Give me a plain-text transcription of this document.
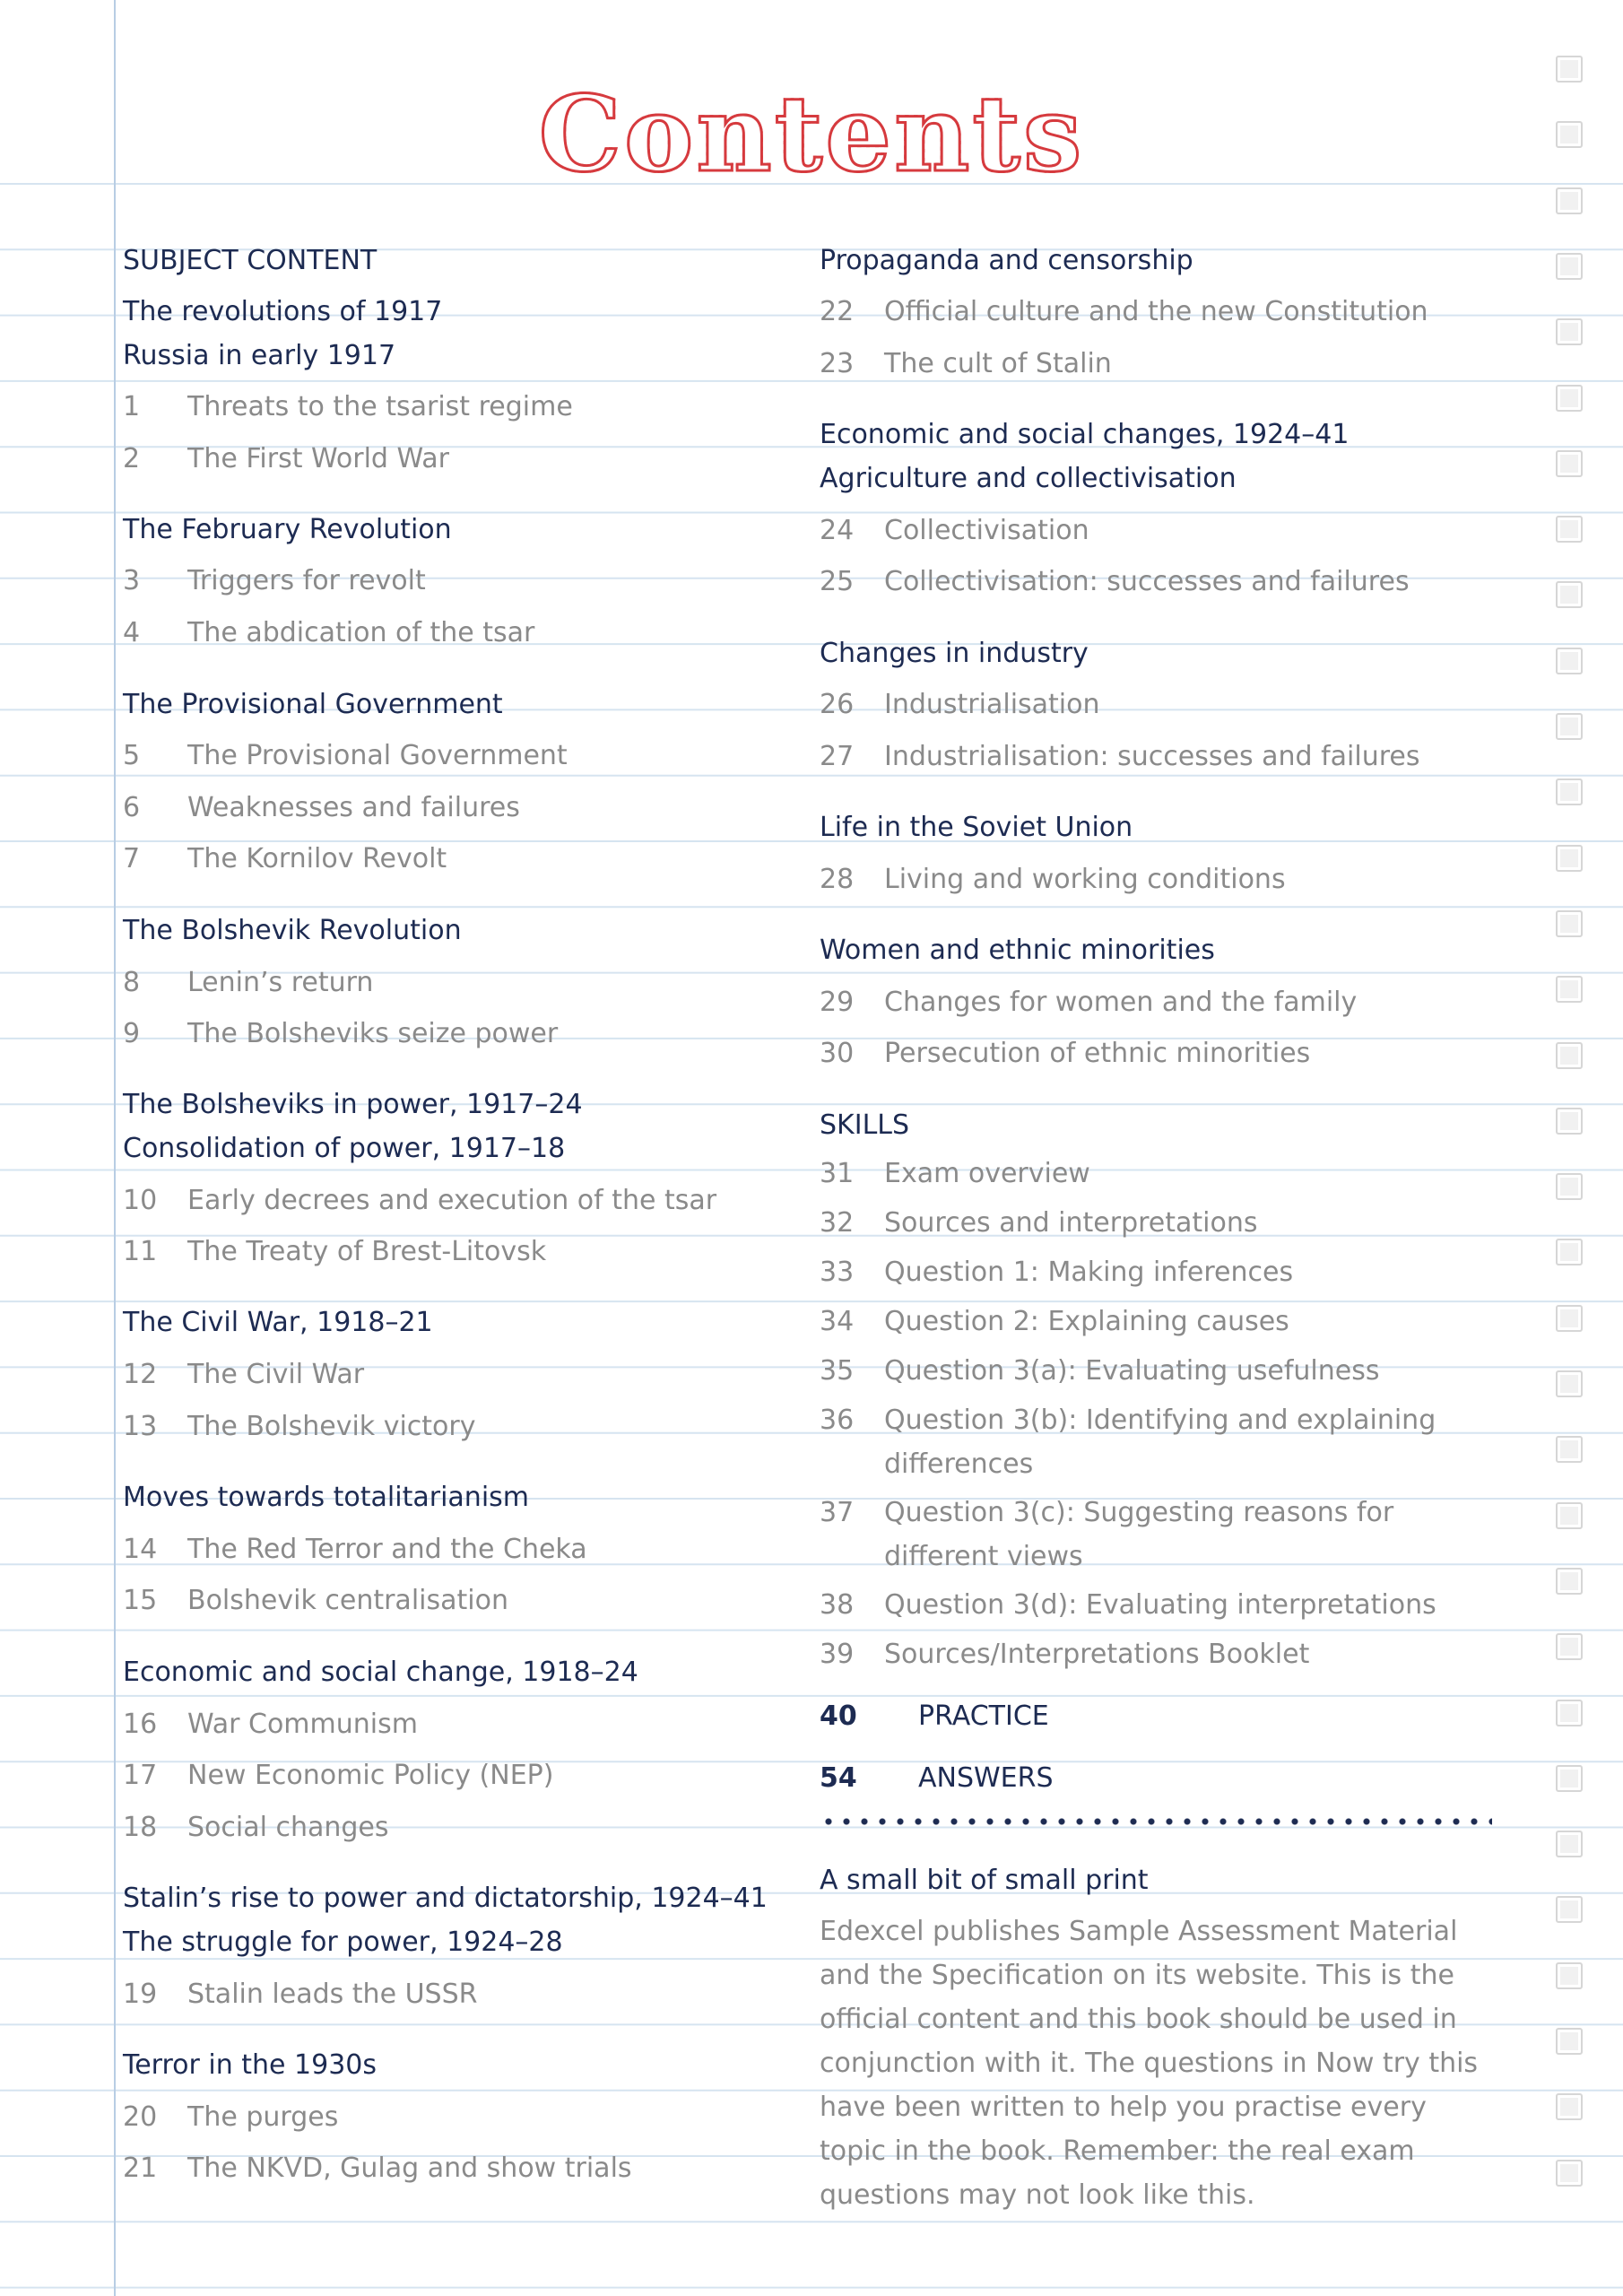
Contents
SUBJECT CONTENT
The revolutions of 1917
Russia in early 1917
1 Threats to the tsarist regime
2 The First World War
The February Revolution
3 Triggers for revolt
4 The abdication of the tsar
The Provisional Government
5 The Provisional Government
6 Weaknesses and failures
7 The Kornilov Revolt
The Bolshevik Revolution
8 Lenin’s return
9 The Bolsheviks seize power
The Bolsheviks in power, 1917–24
Consolidation of power, 1917–18
10 Early decrees and execution of the tsar
11 The Treaty of Brest-Litovsk
The Civil War, 1918–21
12 The Civil War
13 The Bolshevik victory
Moves towards totalitarianism
14 The Red Terror and the Cheka
15 Bolshevik centralisation
Economic and social change, 1918–24
16 War Communism
17 New Economic Policy (NEP)
18 Social changes
Stalin’s rise to power and dictatorship, 1924–41
The struggle for power, 1924–28
19 Stalin leads the USSR
Terror in the 1930s
20 The purges
21 The NKVD, Gulag and show trials
Propaganda and censorship
22 Official culture and the new Constitution
23 The cult of Stalin
Economic and social changes, 1924–41
Agriculture and collectivisation
24 Collectivisation
25 Collectivisation: successes and failures
Changes in industry
26 Industrialisation
27 Industrialisation: successes and failures
Life in the Soviet Union
28 Living and working conditions
Women and ethnic minorities
29 Changes for women and the family
30 Persecution of ethnic minorities
SKILLS
31 Exam overview
32 Sources and interpretations
33 Question 1: Making inferences
34 Question 2: Explaining causes
35 Question 3(a): Evaluating usefulness
36 Question 3(b): Identifying and explaining
differences
37 Question 3(c): Suggesting reasons for
different views
38 Question 3(d): Evaluating interpretations
39 Sources/Interpretations Booklet
40 PRACTICE
54 ANSWERS
A small bit of small print
Edexcel publishes Sample Assessment Material
and the Specification on its website. This is the
official content and this book should be used in
conjunction with it. The questions in Now try this
have been written to help you practise every
topic in the book. Remember: the real exam
questions may not look like this.
